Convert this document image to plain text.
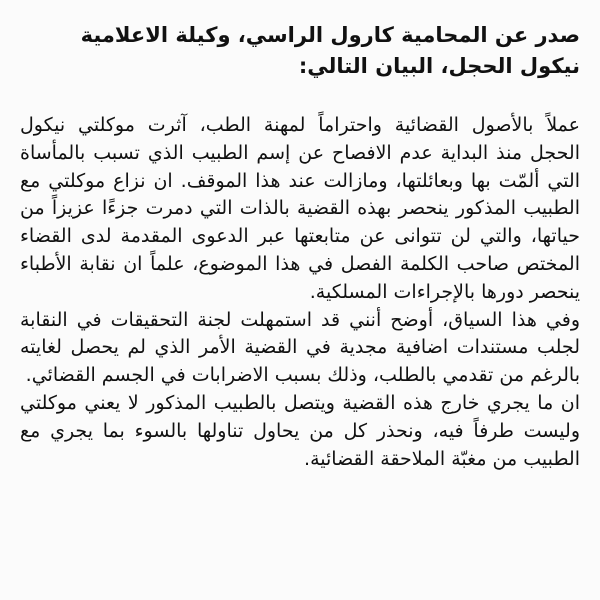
صدر عن المحامية كارول الراسي، وكيلة الاعلامية نيكول الحجل، البيان التالي:

عملاً بالأصول القضائية واحتراماً لمهنة الطب، آثرت موكلتي نيكول الحجل منذ البداية عدم الافصاح عن إسم الطبيب الذي تسبب بالمأساة التي ألمّت بها وبعائلتها، ومازالت عند هذا الموقف. ان نزاع موكلتي مع الطبيب المذكور ينحصر بهذه القضية بالذات التي دمرت جزءًا عزيزاً من حياتها، والتي لن تتوانى عن متابعتها عبر الدعوى المقدمة لدى القضاء المختص صاحب الكلمة الفصل في هذا الموضوع، علماً ان نقابة الأطباء ينحصر دورها بالإجراءات المسلكية.

وفي هذا السياق، أوضح أنني قد استمهلت لجنة التحقيقات في النقابة لجلب مستندات اضافية مجدية في القضية الأمر الذي لم يحصل لغايته بالرغم من تقدمي بالطلب، وذلك بسبب الاضرابات في الجسم القضائي.

ان ما يجري خارج هذه القضية ويتصل بالطبيب المذكور لا يعني موكلتي وليست طرفاً فيه، ونحذر كل من يحاول تناولها بالسوء بما يجري مع الطبيب من مغبّة الملاحقة القضائية.
